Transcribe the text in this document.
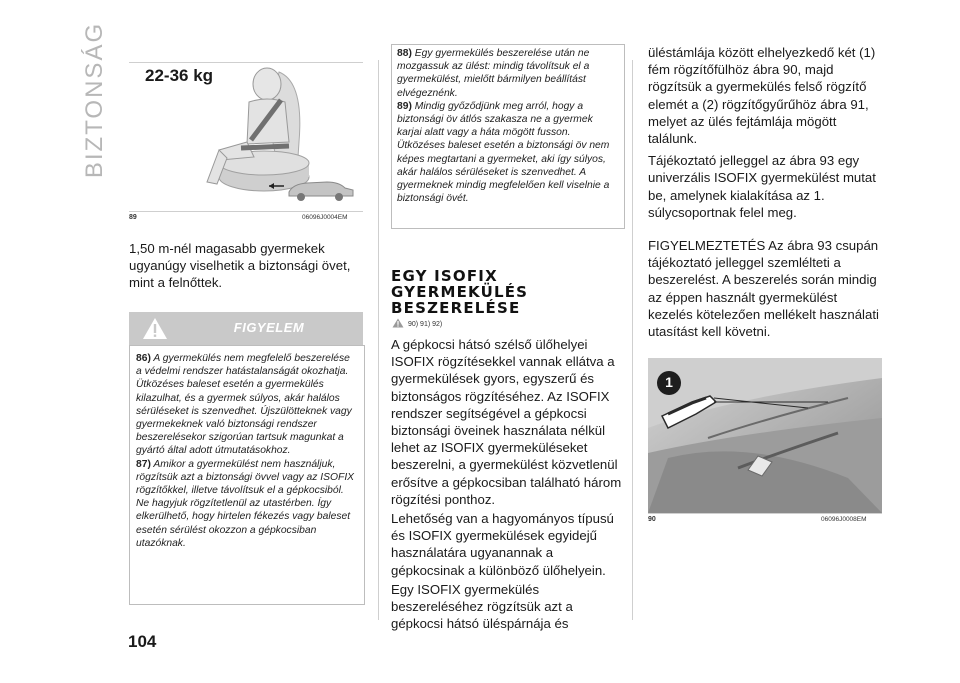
BIZTONSÁG 22-36 kg
89	06096J0004EM

1,50 m-nél magasabb gyermekek ugyanúgy viselhetik a biztonsági övet, mint a felnőttek.

FIGYELEM
86) A gyermekülés nem megfelelő beszerelése a védelmi rendszer hatástalanságát okozhatja. Ütközéses baleset esetén a gyermekülés kilazulhat, és a gyermek súlyos, akár halálos sérüléseket is szenvedhet. Újszülötteknek vagy gyermekeknek való biztonsági rendszer beszerelésekor szigorúan tartsuk magunkat a gyártó által adott útmutatásokhoz.
87) Amikor a gyermekülést nem használjuk, rögzítsük azt a biztonsági övvel vagy az ISOFIX rögzítőkkel, illetve távolítsuk el a gépkocsiból. Ne hagyjuk rögzítetlenül az utastérben. Így elkerülhető, hogy hirtelen fékezés vagy baleset esetén sérülést okozzon a gépkocsiban utazóknak.
104
88) Egy gyermekülés beszerelése után ne mozgassuk az ülést: mindig távolítsuk el a gyermekülést, mielőtt bármilyen beállítást elvégeznénk.
89) Mindig győződjünk meg arról, hogy a biztonsági öv átlós szakasza ne a gyermek karjai alatt vagy a háta mögött fusson. Ütközéses baleset esetén a biztonsági öv nem képes megtartani a gyermeket, aki így súlyos, akár halálos sérüléseket is szenvedhet. A gyermeknek mindig megfelelően kell viselnie a biztonsági övét.
EGY ISOFIX
GYERMEKÜLÉS
BESZERELÉSE
90) 91) 92)

A gépkocsi hátsó szélső ülőhelyei ISOFIX rögzítésekkel vannak ellátva a gyermekülések gyors, egyszerű és biztonságos rögzítéséhez. Az ISOFIX rendszer segítségével a gépkocsi biztonsági öveinek használata nélkül lehet az ISOFIX gyermeküléseket beszerelni, a gyermekülést közvetlenül erősítve a gépkocsiban található három rögzítési ponthoz.

Lehetőség van a hagyományos típusú és ISOFIX gyermekülések egyidejű használatára ugyanannak a gépkocsinak a különböző ülőhelyein.

Egy ISOFIX gyermekülés beszereléséhez rögzítsük azt a gépkocsi hátsó üléspárnája és

üléstámlája között elhelyezkedő két (1) fém rögzítőfülhöz ábra 90, majd rögzítsük a gyermekülés felső rögzítő elemét a (2) rögzítőgyűrűhöz ábra 91, melyet az ülés fejtámlája mögött találunk.

Tájékoztató jelleggel az ábra 93 egy univerzális ISOFIX gyermekülést mutat be, amelynek kialakítása az 1. súlycsoportnak felel meg.

FIGYELMEZTETÉS Az ábra 93 csupán tájékoztató jelleggel szemlélteti a beszerelést. A beszerelés során mindig az éppen használt gyermekülést kezelés kötelezően mellékelt használati utasítást kell követni.

1
90	06096J0008EM
